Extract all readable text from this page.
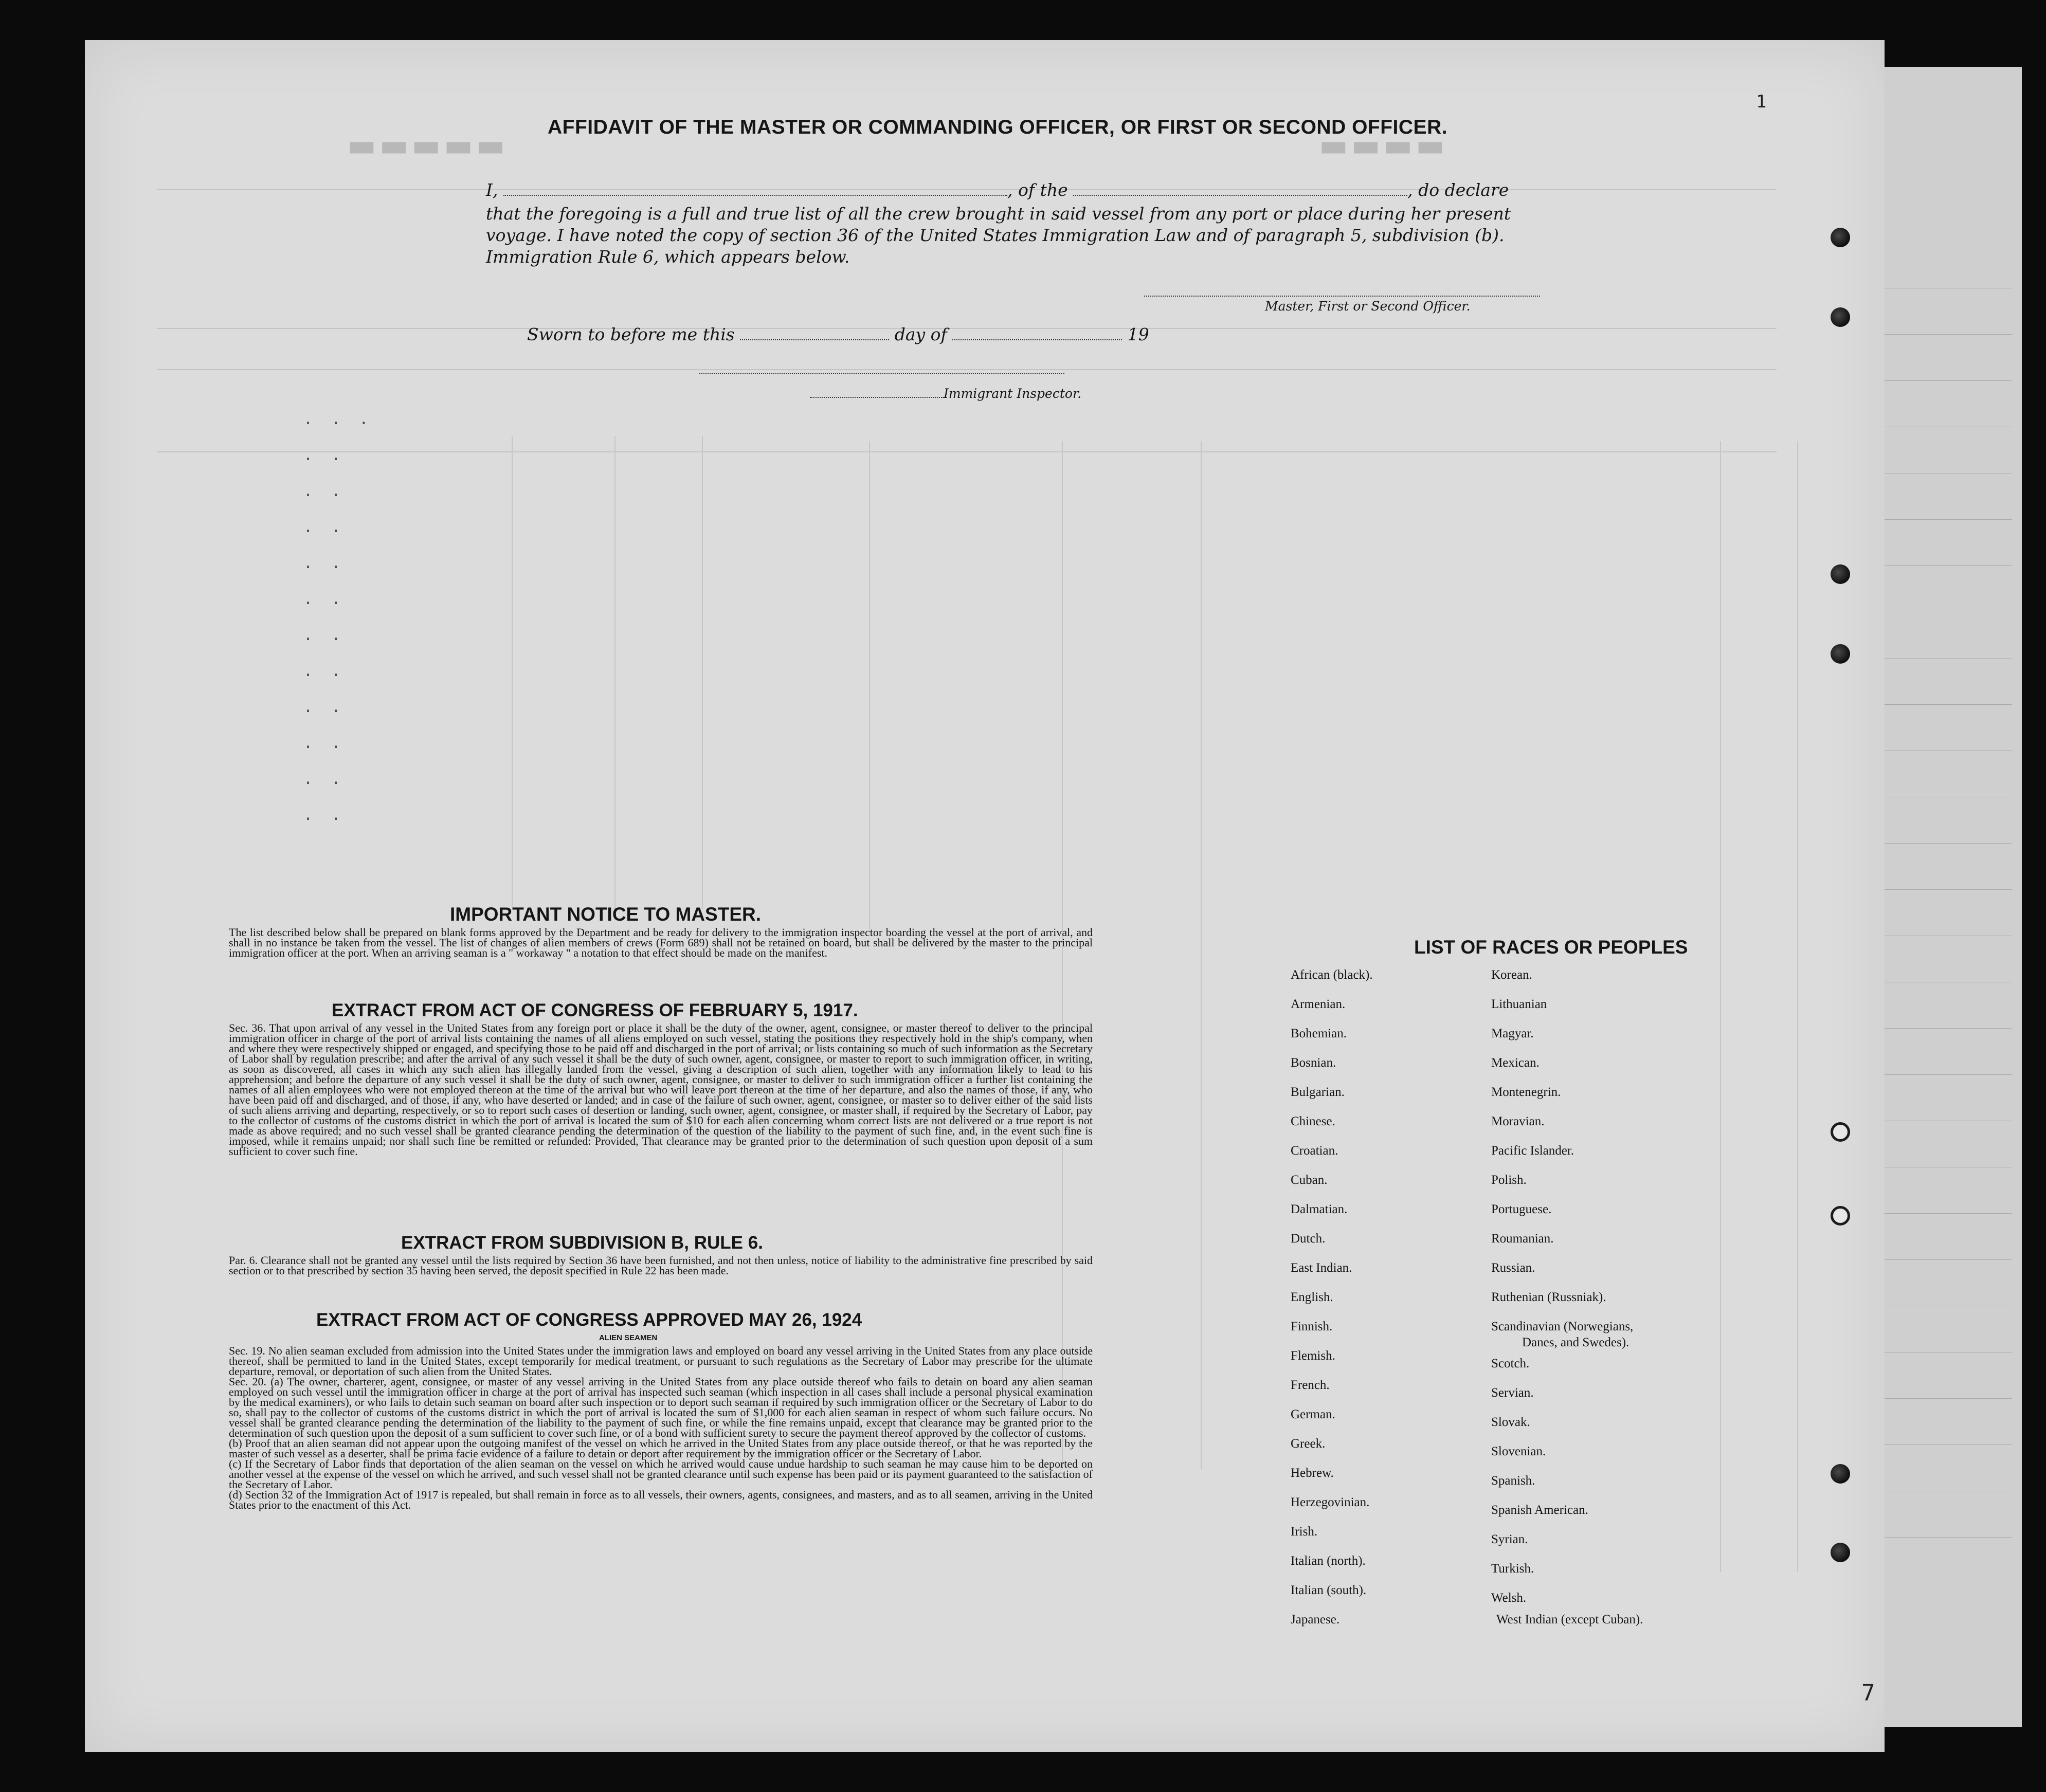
▬▬▬▬▬	▬▬▬▬
.  .  .

.  .

.  .

.  .

.  .

.  .

.  .

.  .

.  .

.  .

.  .

.  .
1
7
AFFIDAVIT OF THE MASTER OR COMMANDING OFFICER, OR FIRST OR SECOND OFFICER.
I,	, of the	, do declare
that the foregoing is a full and true list of all the crew brought in said vessel from any port or place during her present
voyage. I have noted the copy of section 36 of the United States Immigration Law and of paragraph 5, subdivision (b).
Immigration Rule 6, which appears below.
Master, First or Second Officer.
Sworn to before me this	day of	19
Immigrant Inspector.
IMPORTANT NOTICE TO MASTER.
The list described below shall be prepared on blank forms approved by the Department and be ready for delivery to the immigration inspector boarding the vessel at the port of arrival, and shall in no instance be taken from the vessel. The list of changes of alien members of crews (Form 689) shall not be retained on board, but shall be delivered by the master to the principal immigration officer at the port. When an arriving seaman is a " workaway " a notation to that effect should be made on the manifest.
EXTRACT FROM ACT OF CONGRESS OF FEBRUARY 5, 1917.
Sec. 36. That upon arrival of any vessel in the United States from any foreign port or place it shall be the duty of the owner, agent, consignee, or master thereof to deliver to the principal immigration officer in charge of the port of arrival lists containing the names of all aliens employed on such vessel, stating the positions they respectively hold in the ship's company, when and where they were respectively shipped or engaged, and specifying those to be paid off and discharged in the port of arrival; or lists containing so much of such information as the Secretary of Labor shall by regulation prescribe; and after the arrival of any such vessel it shall be the duty of such owner, agent, consignee, or master to report to such immigration officer, in writing, as soon as discovered, all cases in which any such alien has illegally landed from the vessel, giving a description of such alien, together with any information likely to lead to his apprehension; and before the departure of any such vessel it shall be the duty of such owner, agent, consignee, or master to deliver to such immigration officer a further list containing the names of all alien employees who were not employed thereon at the time of the arrival but who will leave port thereon at the time of her departure, and also the names of those, if any, who have been paid off and discharged, and of those, if any, who have deserted or landed; and in case of the failure of such owner, agent, consignee, or master so to deliver either of the said lists of such aliens arriving and departing, respectively, or so to report such cases of desertion or landing, such owner, agent, consignee, or master shall, if required by the Secretary of Labor, pay to the collector of customs of the customs district in which the port of arrival is located the sum of $10 for each alien concerning whom correct lists are not delivered or a true report is not made as above required; and no such vessel shall be granted clearance pending the determination of the question of the liability to the payment of such fine, and, in the event such fine is imposed, while it remains unpaid; nor shall such fine be remitted or refunded: Provided, That clearance may be granted prior to the determination of such question upon deposit of a sum sufficient to cover such fine.
EXTRACT FROM SUBDIVISION B, RULE 6.
Par. 6. Clearance shall not be granted any vessel until the lists required by Section 36 have been furnished, and not then unless, notice of liability to the administrative fine prescribed by said section or to that prescribed by section 35 having been served, the deposit specified in Rule 22 has been made.
EXTRACT FROM ACT OF CONGRESS APPROVED MAY 26, 1924
ALIEN SEAMEN
Sec. 19. No alien seaman excluded from admission into the United States under the immigration laws and employed on board any vessel arriving in the United States from any place outside thereof, shall be permitted to land in the United States, except temporarily for medical treatment, or pursuant to such regulations as the Secretary of Labor may prescribe for the ultimate departure, removal, or deportation of such alien from the United States.
Sec. 20. (a) The owner, charterer, agent, consignee, or master of any vessel arriving in the United States from any place outside thereof who fails to detain on board any alien seaman employed on such vessel until the immigration officer in charge at the port of arrival has inspected such seaman (which inspection in all cases shall include a personal physical examination by the medical examiners), or who fails to detain such seaman on board after such inspection or to deport such seaman if required by such immigration officer or the Secretary of Labor to do so, shall pay to the collector of customs of the customs district in which the port of arrival is located the sum of $1,000 for each alien seaman in respect of whom such failure occurs. No vessel shall be granted clearance pending the determination of the liability to the payment of such fine, or while the fine remains unpaid, except that clearance may be granted prior to the determination of such question upon the deposit of a sum sufficient to cover such fine, or of a bond with sufficient surety to secure the payment thereof approved by the collector of customs.
(b) Proof that an alien seaman did not appear upon the outgoing manifest of the vessel on which he arrived in the United States from any place outside thereof, or that he was reported by the master of such vessel as a deserter, shall be prima facie evidence of a failure to detain or deport after requirement by the immigration officer or the Secretary of Labor.
(c) If the Secretary of Labor finds that deportation of the alien seaman on the vessel on which he arrived would cause undue hardship to such seaman he may cause him to be deported on another vessel at the expense of the vessel on which he arrived, and such vessel shall not be granted clearance until such expense has been paid or its payment guaranteed to the satisfaction of the Secretary of Labor.
(d) Section 32 of the Immigration Act of 1917 is repealed, but shall remain in force as to all vessels, their owners, agents, consignees, and masters, and as to all seamen, arriving in the United States prior to the enactment of this Act.
LIST OF RACES OR PEOPLES
African (black).
Armenian.
Bohemian.
Bosnian.
Bulgarian.
Chinese.
Croatian.
Cuban.
Dalmatian.
Dutch.
East Indian.
English.
Finnish.
Flemish.
French.
German.
Greek.
Hebrew.
Herzegovinian.
Irish.
Italian (north).
Italian (south).
Japanese.
Korean.
Lithuanian
Magyar.
Mexican.
Montenegrin.
Moravian.
Pacific Islander.
Polish.
Portuguese.
Roumanian.
Russian.
Ruthenian (Russniak).
Scandinavian (Norwegians,
Danes, and Swedes).
Scotch.
Servian.
Slovak.
Slovenian.
Spanish.
Spanish American.
Syrian.
Turkish.
Welsh.
West Indian (except Cuban).
